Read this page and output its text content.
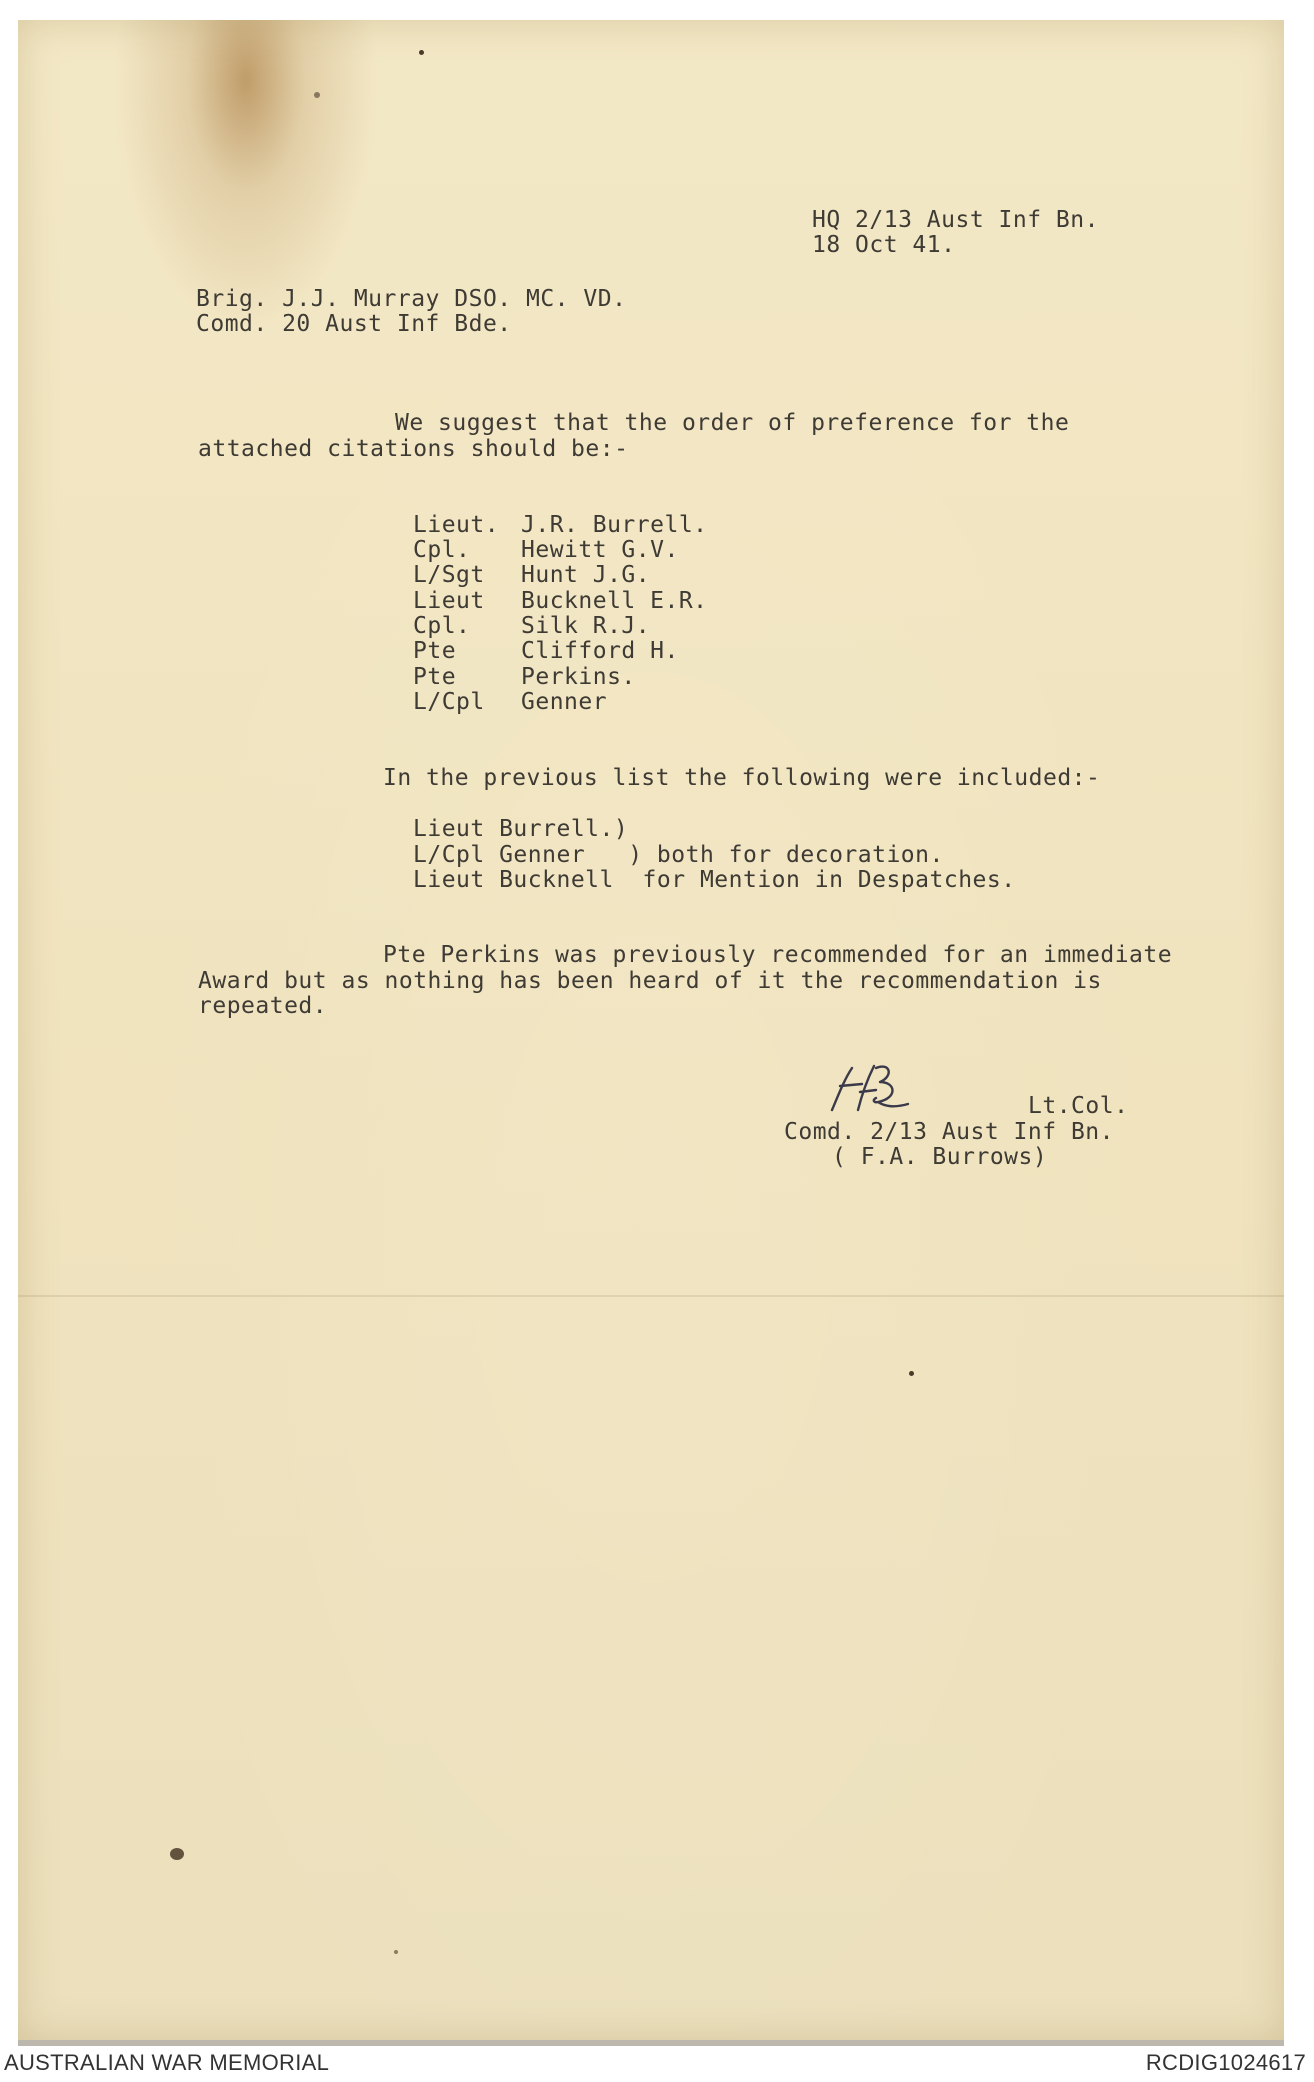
HQ 2/13 Aust Inf Bn.
18 Oct 41.
Brig. J.J. Murray DSO. MC. VD.
Comd. 20 Aust Inf Bde.
We suggest that the order of preference for the
attached citations should be:-
Lieut. J.R. Burrell.
Cpl. Hewitt G.V.
L/Sgt Hunt J.G.
Lieut Bucknell E.R.
Cpl. Silk R.J.
Pte	Clifford H.
Pte	Perkins.
L/Cpl Genner
In the previous list the following were included:-
Lieut Burrell.)
L/Cpl Genner   ) both for decoration.
Lieut Bucknell  for Mention in Despatches.
Pte Perkins was previously recommended for an immediate
Award but as nothing has been heard of it the recommendation is
repeated.
Lt.Col.
Comd. 2/13 Aust Inf Bn.
( F.A. Burrows)
AUSTRALIAN WAR MEMORIAL	RCDIG1024617
